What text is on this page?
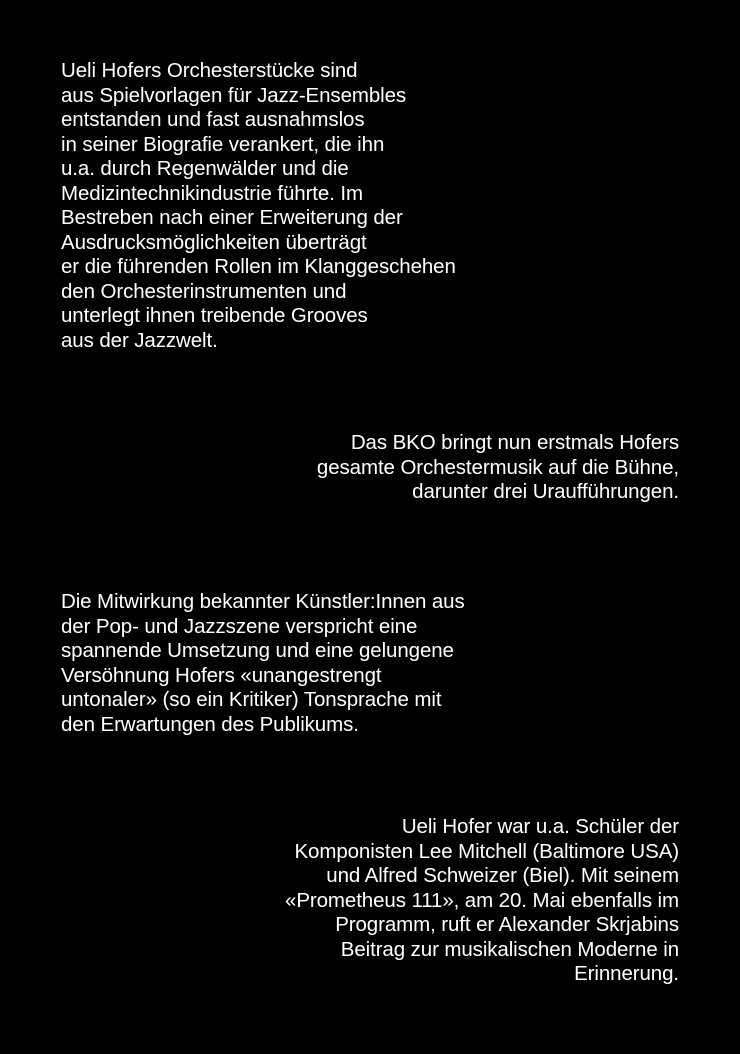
Ueli Hofers Orchesterstücke sind
aus Spielvorlagen für Jazz-Ensembles
entstanden und fast ausnahmslos
in seiner Biografie verankert, die ihn
u.a. durch Regenwälder und die
Medizintechnikindustrie führte. Im
Bestreben nach einer Erweiterung der
Ausdrucksmöglichkeiten überträgt
er die führenden Rollen im Klanggeschehen
den Orchesterinstrumenten und
unterlegt ihnen treibende Grooves
aus der Jazzwelt.

Das BKO bringt nun erstmals Hofers
gesamte Orchestermusik auf die Bühne,
darunter drei Uraufführungen.

Die Mitwirkung bekannter Künstler:Innen aus
der Pop- und Jazzszene verspricht eine
spannende Umsetzung und eine gelungene
Versöhnung Hofers «unangestrengt
untonaler» (so ein Kritiker) Tonsprache mit
den Erwartungen des Publikums.

Ueli Hofer war u.a. Schüler der
Komponisten Lee Mitchell (Baltimore USA)
und Alfred Schweizer (Biel). Mit seinem
«Prometheus 111», am 20. Mai ebenfalls im
Programm, ruft er Alexander Skrjabins
Beitrag zur musikalischen Moderne in
Erinnerung.
